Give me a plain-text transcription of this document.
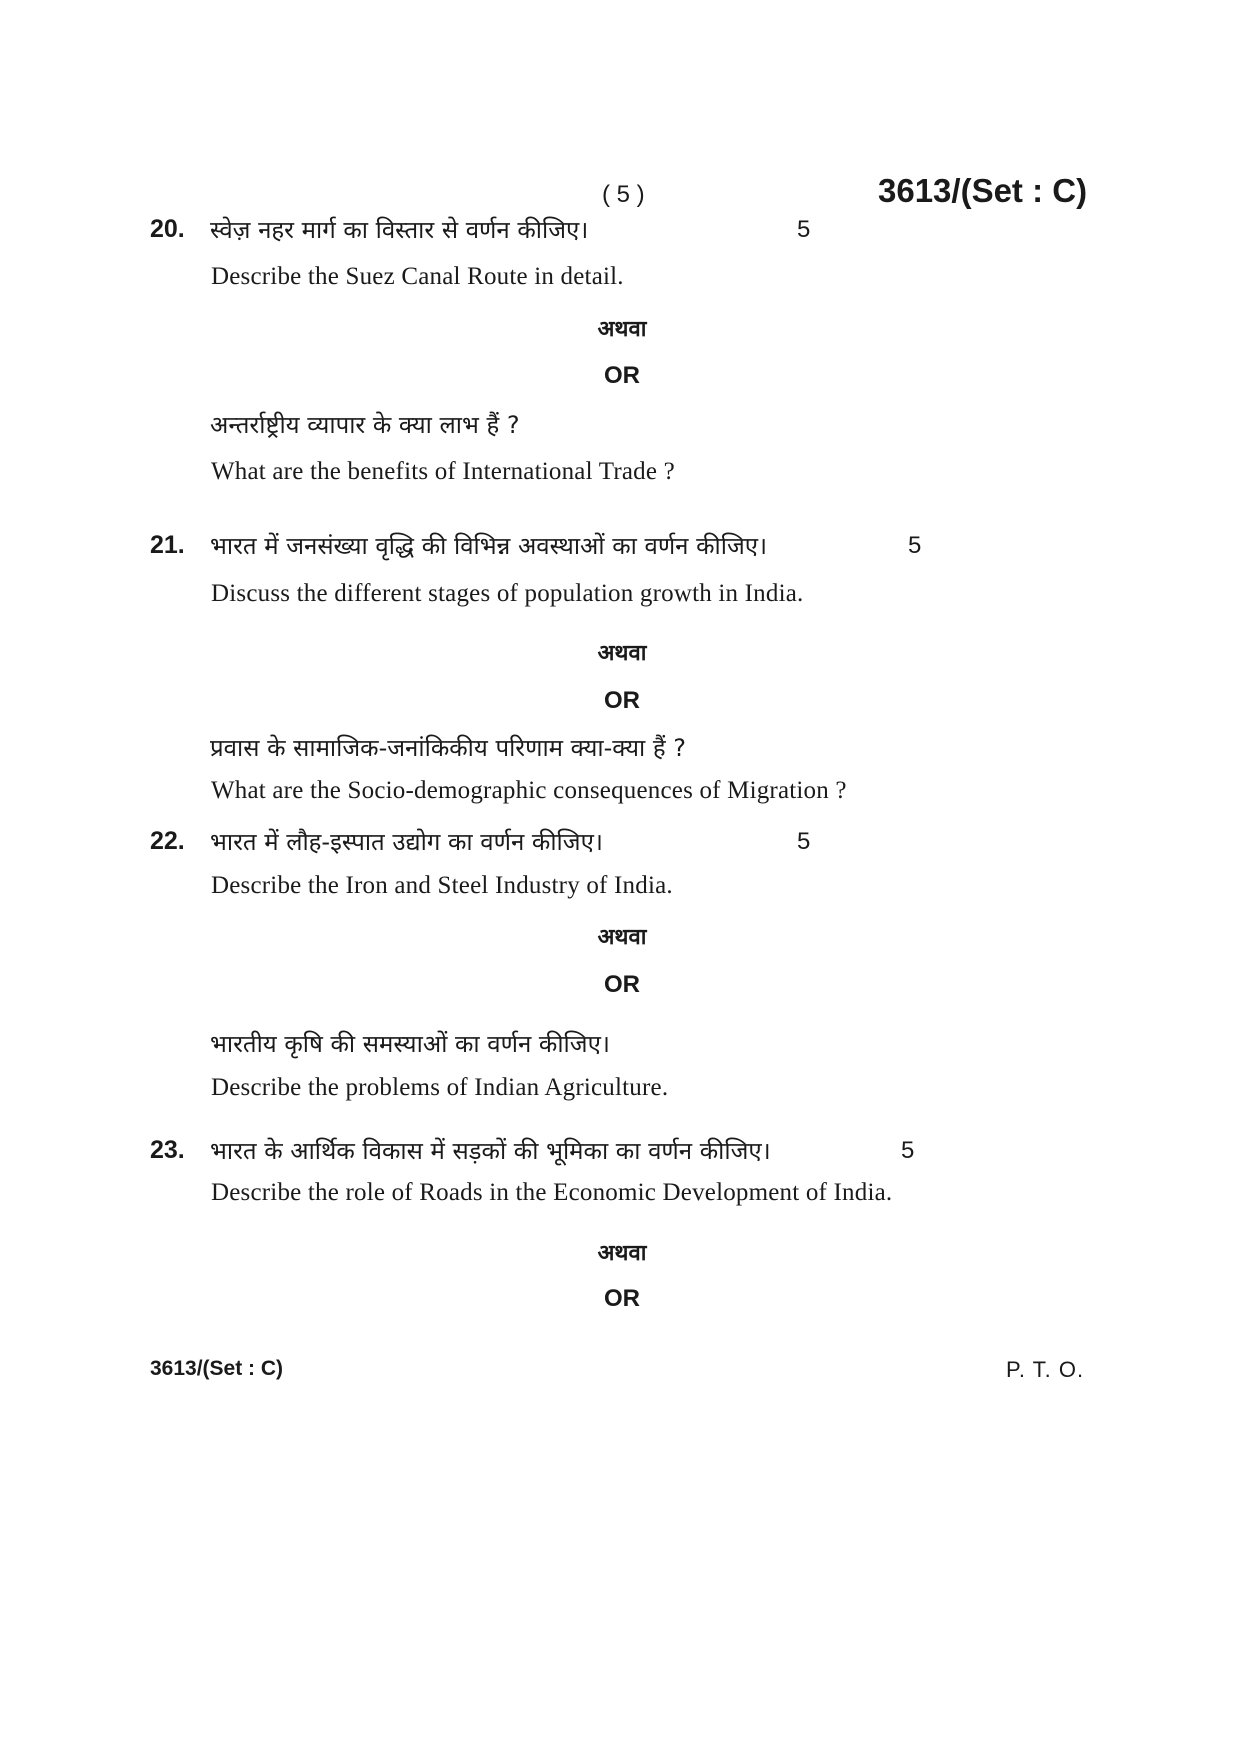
( 5 )	3613/(Set : C)
20. स्वेज़ नहर मार्ग का विस्तार से वर्णन कीजिए।	5
Describe the Suez Canal Route in detail.
अथवा
OR
अन्तर्राष्ट्रीय व्यापार के क्या लाभ हैं ?
What are the benefits of International Trade ?
21. भारत में जनसंख्या वृद्धि की विभिन्न अवस्थाओं का वर्णन कीजिए।	5
Discuss the different stages of population growth in India.
अथवा
OR
प्रवास के सामाजिक-जनांकिकीय परिणाम क्या-क्या हैं ?
What are the Socio-demographic consequences of Migration ?
22. भारत में लौह-इस्पात उद्योग का वर्णन कीजिए।	5
Describe the Iron and Steel Industry of India.
अथवा
OR
भारतीय कृषि की समस्याओं का वर्णन कीजिए।
Describe the problems of Indian Agriculture.
23. भारत के आर्थिक विकास में सड़कों की भूमिका का वर्णन कीजिए।	5
Describe the role of Roads in the Economic Development of India.
अथवा
OR
3613/(Set : C)	P. T. O.
